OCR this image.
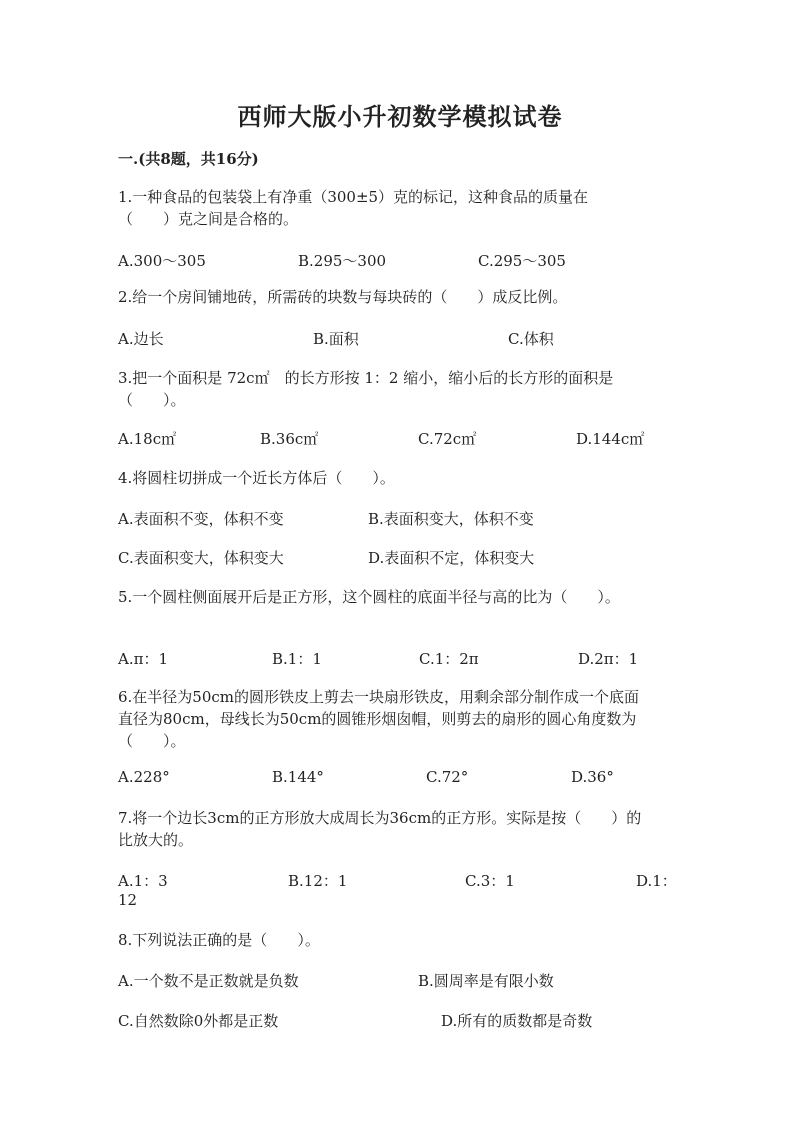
西师大版小升初数学模拟试卷
一.(共8题，共16分)
1.一种食品的包装袋上有净重（300±5）克的标记，这种食品的质量在
（　　）克之间是合格的。
A.300～305	B.295～300	C.295～305
2.给一个房间铺地砖，所需砖的块数与每块砖的（　　）成反比例。
A.边长	B.面积	C.体积
3.把一个面积是 72c㎡　的长方形按 1：2 缩小，缩小后的长方形的面积是
（　　）。
A.18c㎡	B.36c㎡	C.72c㎡	D.144c㎡
4.将圆柱切拼成一个近长方体后（　　）。
A.表面积不变，体积不变	B.表面积变大，体积不变
C.表面积变大，体积变大	D.表面积不定，体积变大
5.一个圆柱侧面展开后是正方形，这个圆柱的底面半径与高的比为（　　）。
A.π：1	B.1：1	C.1：2π	D.2π：1
6.在半径为50cm的圆形铁皮上剪去一块扇形铁皮，用剩余部分制作成一个底面
直径为80cm，母线长为50cm的圆锥形烟囱帽，则剪去的扇形的圆心角度数为
（　　）。
A.228°	B.144°	C.72°	D.36°
7.将一个边长3cm的正方形放大成周长为36cm的正方形。实际是按（　　）的
比放大的。
A.1：3	B.12：1	C.3：1	D.1：
12
8.下列说法正确的是（　　）。
A.一个数不是正数就是负数	B.圆周率是有限小数
C.自然数除0外都是正数	D.所有的质数都是奇数
